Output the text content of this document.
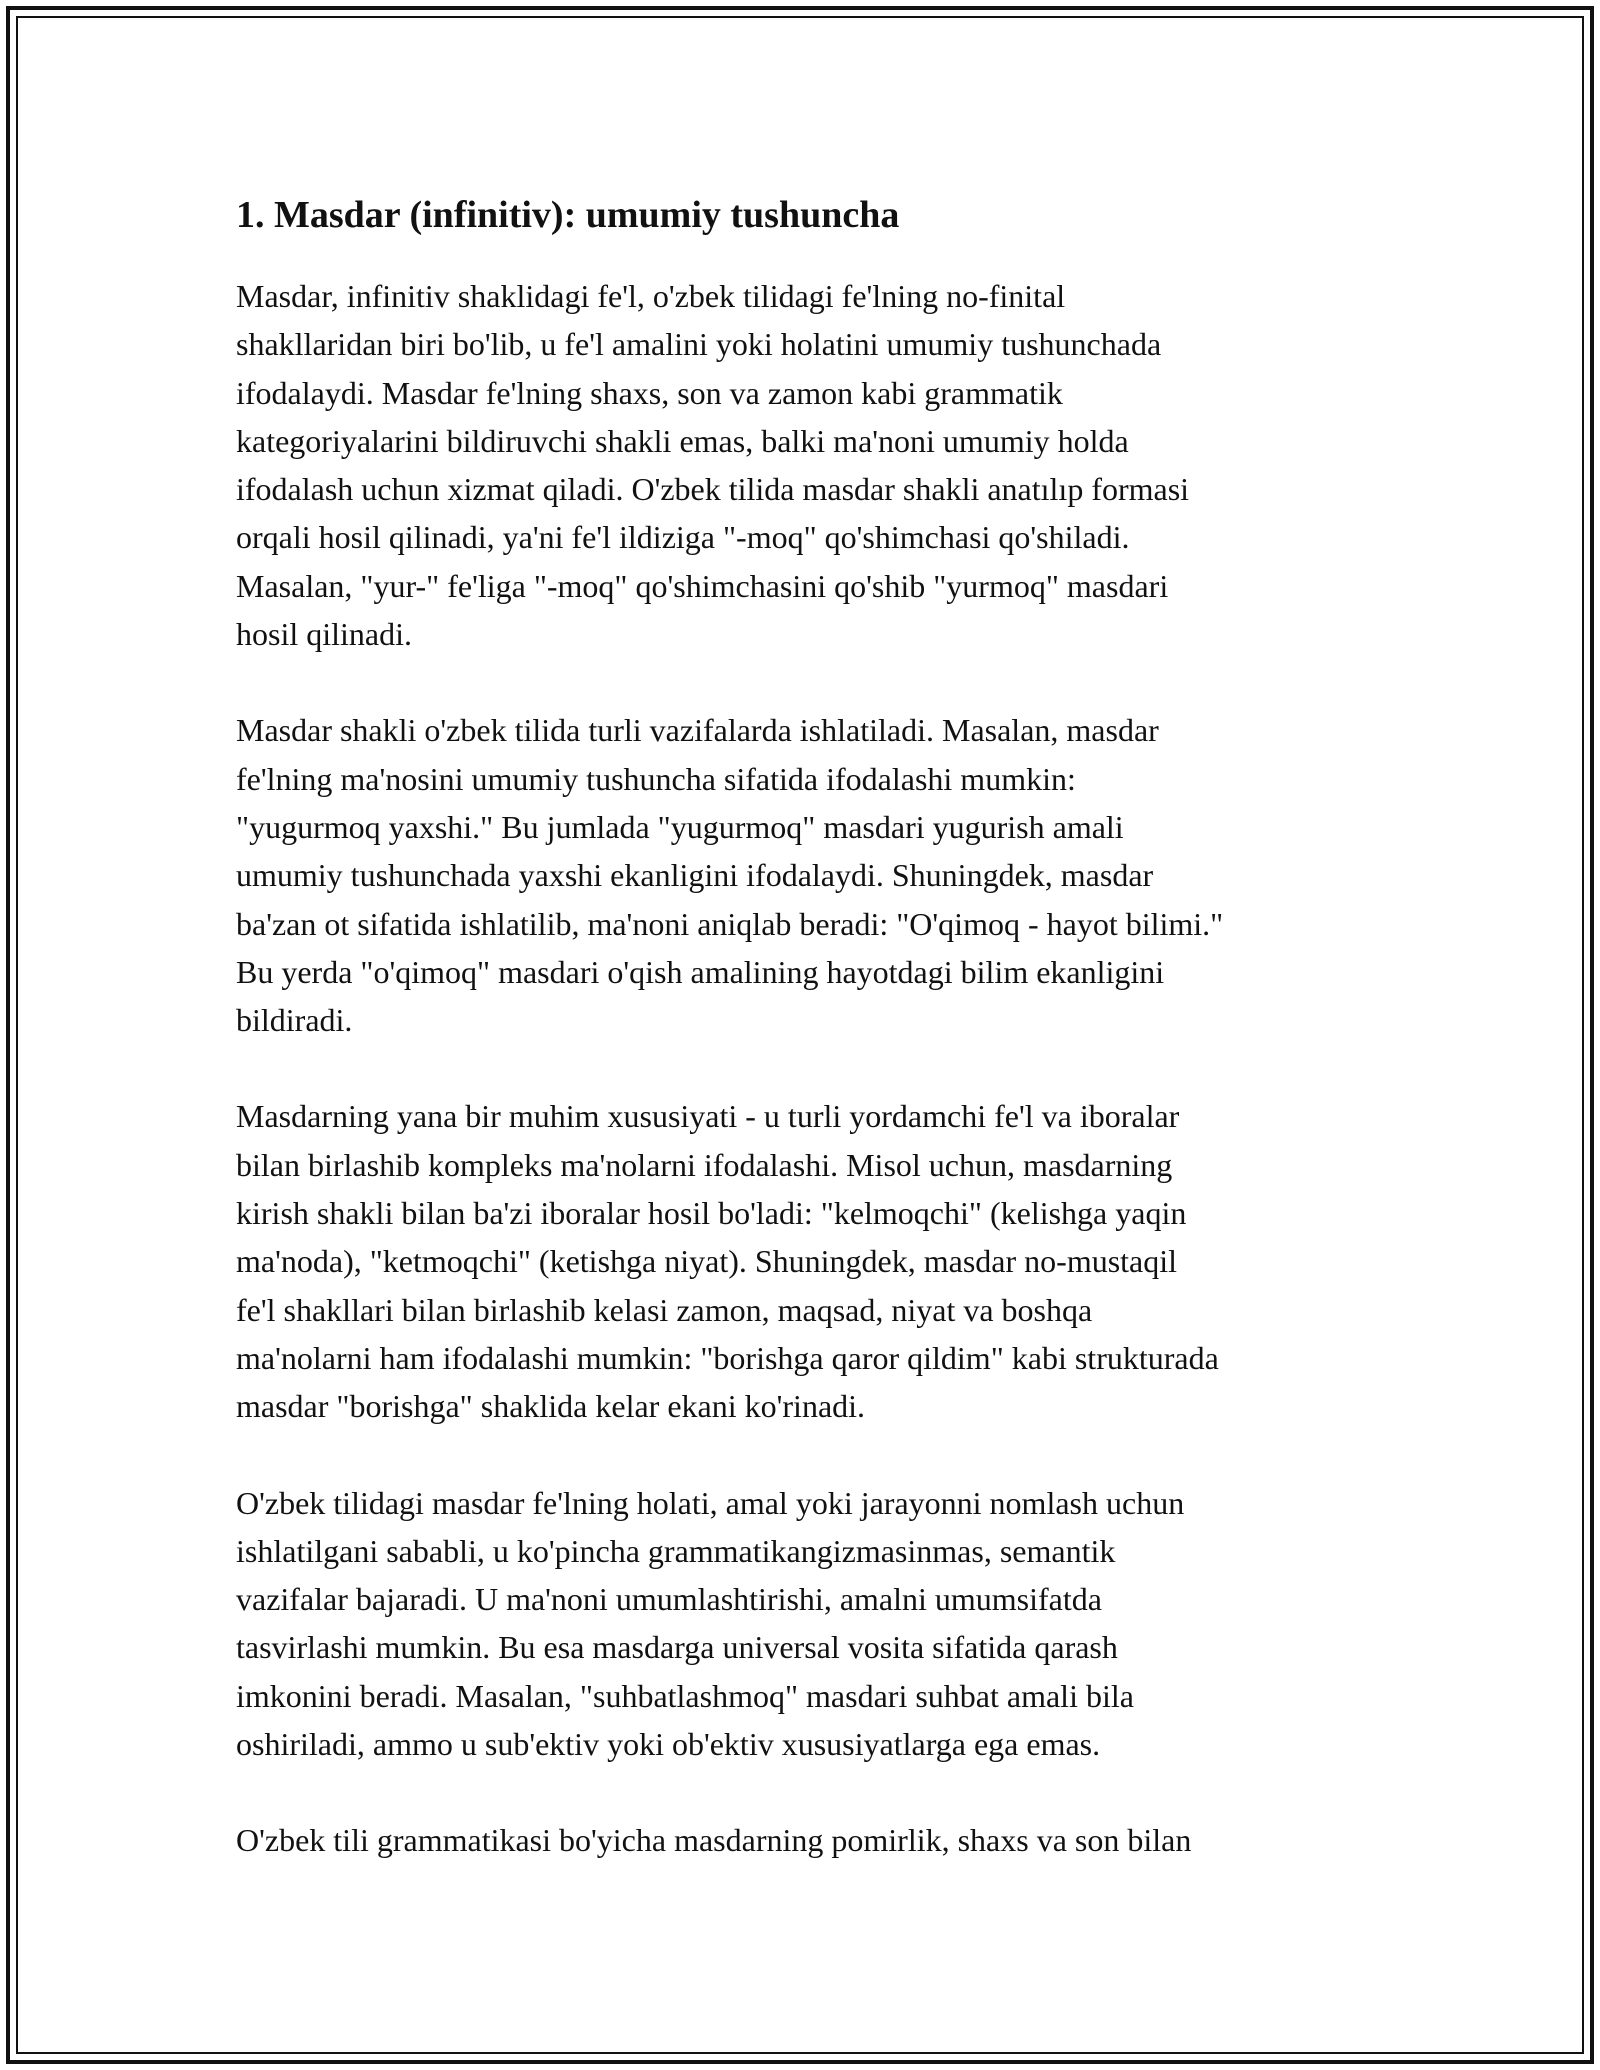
1. Masdar (infinitiv): umumiy tushuncha

Masdar, infinitiv shaklidagi fe'l, o'zbek tilidagi fe'lning no-finital
shakllaridan biri bo'lib, u fe'l amalini yoki holatini umumiy tushunchada
ifodalaydi. Masdar fe'lning shaxs, son va zamon kabi grammatik
kategoriyalarini bildiruvchi shakli emas, balki ma'noni umumiy holda
ifodalash uchun xizmat qiladi. O'zbek tilida masdar shakli anatılıp formasi
orqali hosil qilinadi, ya'ni fe'l ildiziga "-moq" qo'shimchasi qo'shiladi.
Masalan, "yur-" fe'liga "-moq" qo'shimchasini qo'shib "yurmoq" masdari
hosil qilinadi.

Masdar shakli o'zbek tilida turli vazifalarda ishlatiladi. Masalan, masdar
fe'lning ma'nosini umumiy tushuncha sifatida ifodalashi mumkin:
"yugurmoq yaxshi." Bu jumlada "yugurmoq" masdari yugurish amali
umumiy tushunchada yaxshi ekanligini ifodalaydi. Shuningdek, masdar
ba'zan ot sifatida ishlatilib, ma'noni aniqlab beradi: "O'qimoq - hayot bilimi."
Bu yerda "o'qimoq" masdari o'qish amalining hayotdagi bilim ekanligini
bildiradi.

Masdarning yana bir muhim xususiyati - u turli yordamchi fe'l va iboralar
bilan birlashib kompleks ma'nolarni ifodalashi. Misol uchun, masdarning
kirish shakli bilan ba'zi iboralar hosil bo'ladi: "kelmoqchi" (kelishga yaqin
ma'noda), "ketmoqchi" (ketishga niyat). Shuningdek, masdar no-mustaqil
fe'l shakllari bilan birlashib kelasi zamon, maqsad, niyat va boshqa
ma'nolarni ham ifodalashi mumkin: "borishga qaror qildim" kabi strukturada
masdar "borishga" shaklida kelar ekani ko'rinadi.

O'zbek tilidagi masdar fe'lning holati, amal yoki jarayonni nomlash uchun
ishlatilgani sababli, u ko'pincha grammatikangizmasinmas, semantik
vazifalar bajaradi. U ma'noni umumlashtirishi, amalni umumsifatda
tasvirlashi mumkin. Bu esa masdarga universal vosita sifatida qarash
imkonini beradi. Masalan, "suhbatlashmoq" masdari suhbat amali bila
oshiriladi, ammo u sub'ektiv yoki ob'ektiv xususiyatlarga ega emas.

O'zbek tili grammatikasi bo'yicha masdarning pomirlik, shaxs va son bilan
